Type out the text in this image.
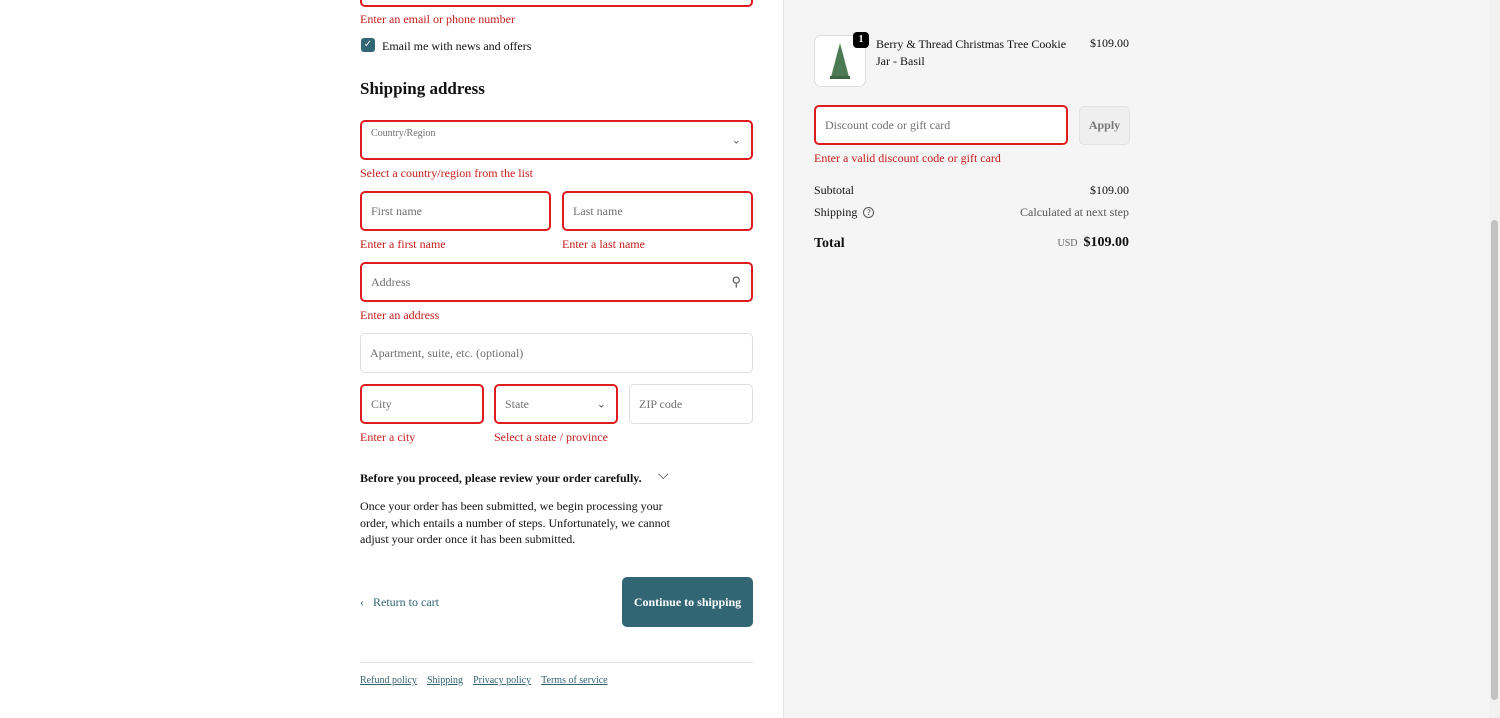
Enter an email or phone number
✓ Email me with news and offers
Shipping address
Country/Region
⌄
Select a country/region from the list
First name	Last name
Enter a first name	Enter a last name
Address	⚲
Enter an address
Apartment, suite, etc. (optional)
City	State	⌄	ZIP code
Enter a city	Select a state / province
Before you proceed, please review your order carefully. ⌵
Once your order has been submitted, we begin processing your order, which entails a number of steps. Unfortunately, we cannot adjust your order once it has been submitted.
‹ Return to cart	Continue to shipping
Refund policy Shipping Privacy policy Terms of service
1	Berry & Thread Christmas Tree Cookie Jar - Basil
$109.00
Discount code or gift card	Apply
Enter a valid discount code or gift card
Subtotal	$109.00
Shipping	?	Calculated at next step
Total	USD $109.00
